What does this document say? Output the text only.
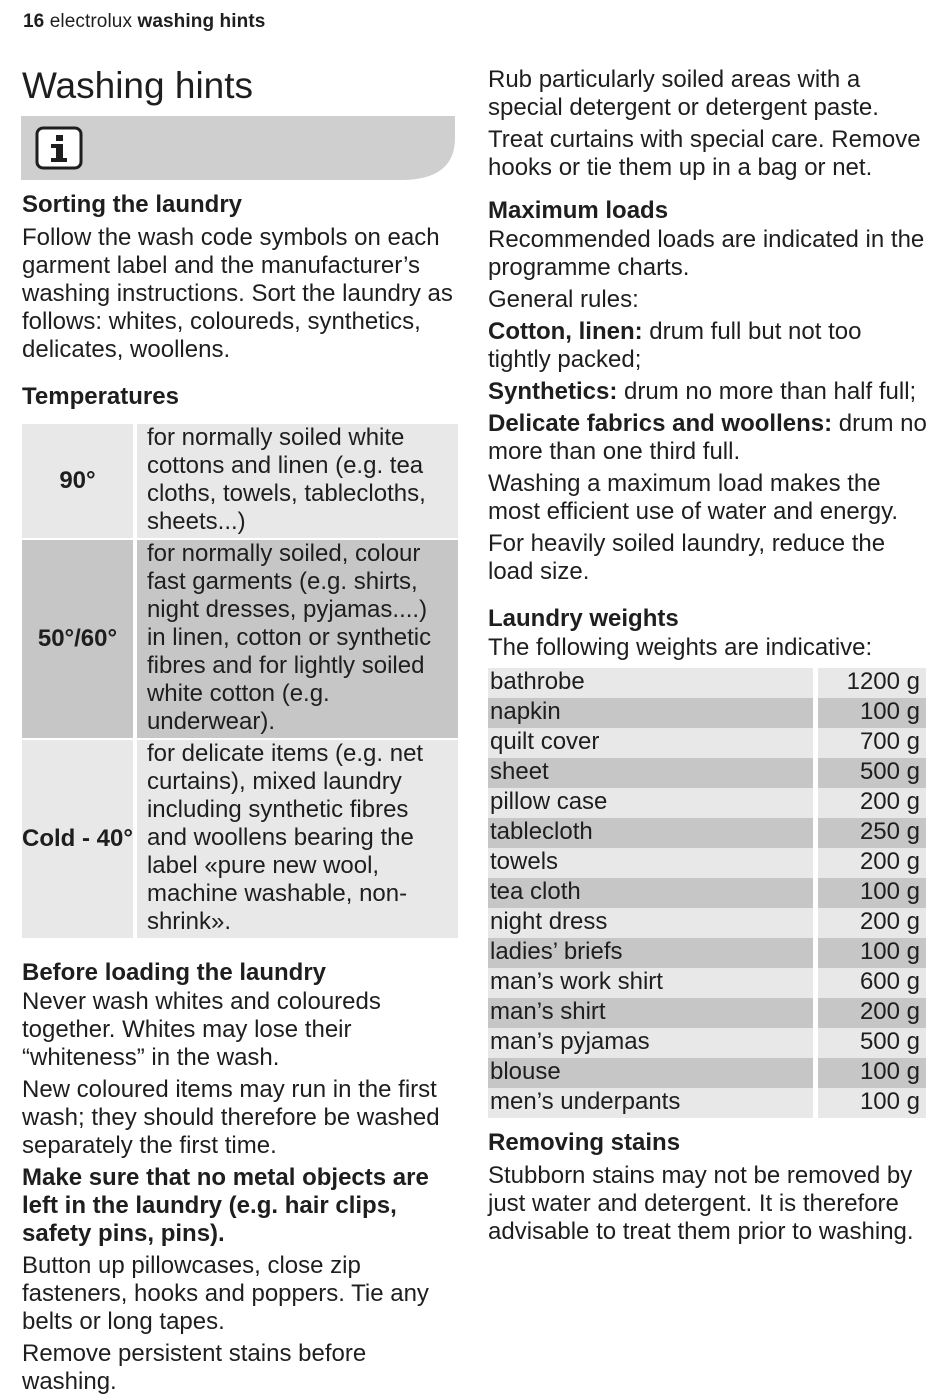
16 electrolux washing hints
Washing hints
Sorting the laundry

Follow the wash code symbols on each garment label and the manufacturer’s washing instructions. Sort the laundry as follows: whites, coloureds, synthetics, delicates, woollens.

Temperatures
90°	for normally soiled white cottons and linen (e.g. tea cloths, towels, tablecloths, sheets...)
50°/60°	for normally soiled, colour fast garments (e.g. shirts, night dresses, pyjamas....) in linen, cotton or synthetic fibres and for lightly soiled white cotton (e.g. underwear).
Cold - 40°	for delicate items (e.g. net curtains), mixed laundry including synthetic fibres and woollens bearing the label «pure new wool, machine washable, non-shrink».
Before loading the laundry

Never wash whites and coloureds together. Whites may lose their “whiteness” in the wash.

New coloured items may run in the first wash; they should therefore be washed separately the first time.

Make sure that no metal objects are left in the laundry (e.g. hair clips, safety pins, pins).

Button up pillowcases, close zip fasteners, hooks and poppers. Tie any belts or long tapes.

Remove persistent stains before washing.

Rub particularly soiled areas with a special detergent or detergent paste.

Treat curtains with special care. Remove hooks or tie them up in a bag or net.

Maximum loads

Recommended loads are indicated in the programme charts.

General rules:

Cotton, linen: drum full but not too tightly packed;

Synthetics: drum no more than half full;

Delicate fabrics and woollens: drum no more than one third full.

Washing a maximum load makes the most efficient use of water and energy.

For heavily soiled laundry, reduce the load size.

Laundry weights

The following weights are indicative:

bathrobe	1200 g
napkin	100 g
quilt cover	700 g
sheet	500 g
pillow case	200 g
tablecloth	250 g
towels	200 g
tea cloth	100 g
night dress	200 g
ladies’ briefs	100 g
man’s work shirt	600 g
man’s shirt	200 g
man’s pyjamas	500 g
blouse	100 g
men’s underpants	100 g
Removing stains

Stubborn stains may not be removed by just water and detergent. It is therefore advisable to treat them prior to washing.
